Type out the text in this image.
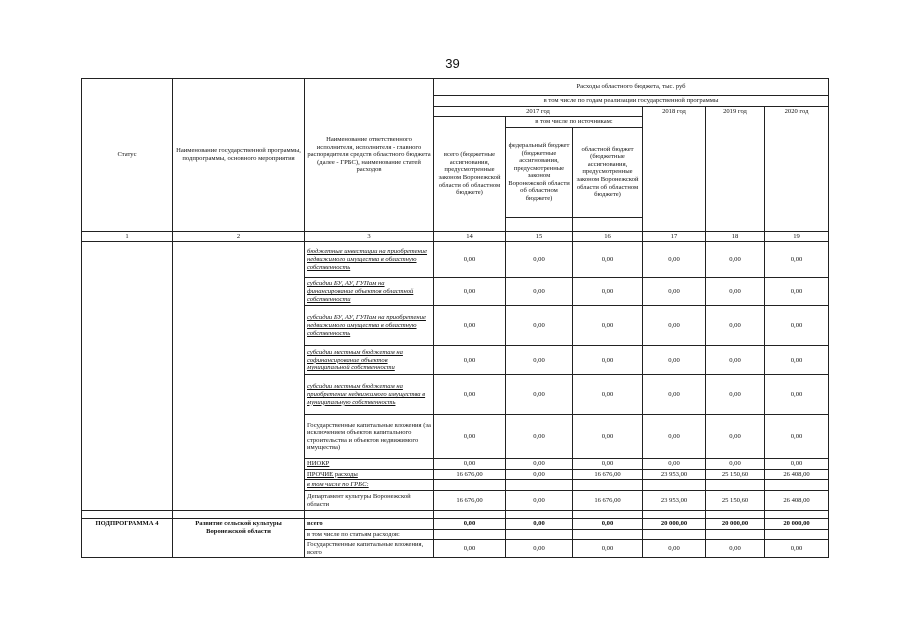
39
Статус	Наименование государственной программы, подпрограммы, основного мероприятия	Наименование ответственного исполнителя, исполнителя - главного распорядителя средств областного бюджета (далее - ГРБС), наименование статей расходов	Расходы областного бюджета, тыс. руб					
			в том числе по годам реализации государственной программы					
			2017 год			2018 год	2019 год	2020 год
			всего (бюджетные ассигнования, предусмотренные законом Воронежской области об областном бюджете)	в том числе по источникам:				
				федеральный бюджет (бюджетные ассигнования, предусмотренные законом Воронежской области об областном бюджете)	областной бюджет (бюджетные ассигнования, предусмотренные законом Воронежской области об областном бюджете)			

1	2	3	14	15	16	17	18	19
		бюджетные инвестиции на приобретение недвижимого имущества в областную собственность	0,00	0,00	0,00	0,00	0,00	0,00
		субсидии БУ, АУ, ГУПам на финансирование объектов областной собственности	0,00	0,00	0,00	0,00	0,00	0,00
		субсидии БУ, АУ, ГУПам на приобретение недвижимого имущества в областную собственность	0,00	0,00	0,00	0,00	0,00	0,00
		субсидии местным бюджетам на софинансирование объектов муниципальной собственности	0,00	0,00	0,00	0,00	0,00	0,00
		субсидии местным бюджетам на приобретение недвижимого имущества в муниципальную собственность	0,00	0,00	0,00	0,00	0,00	0,00
		Государственные капитальные вложения (за исключением объектов капитального строительства и объектов недвижимого имущества)	0,00	0,00	0,00	0,00	0,00	0,00
		НИОКР	0,00	0,00	0,00	0,00	0,00	0,00
		ПРОЧИЕ расходы	16 676,00	0,00	16 676,00	23 953,00	25 150,60	26 408,00
		в том числе по ГРБС:						
		Департамент культуры Воронежской области	16 676,00	0,00	16 676,00	23 953,00	25 150,60	26 408,00

ПОДПРОГРАММА 4	Развитие сельской культуры Воронежской области	всего	0,00	0,00	0,00	20 000,00	20 000,00	20 000,00
		в том числе по статьям расходов:						
		Государственные капитальные вложения, всего	0,00	0,00	0,00	0,00	0,00	0,00
